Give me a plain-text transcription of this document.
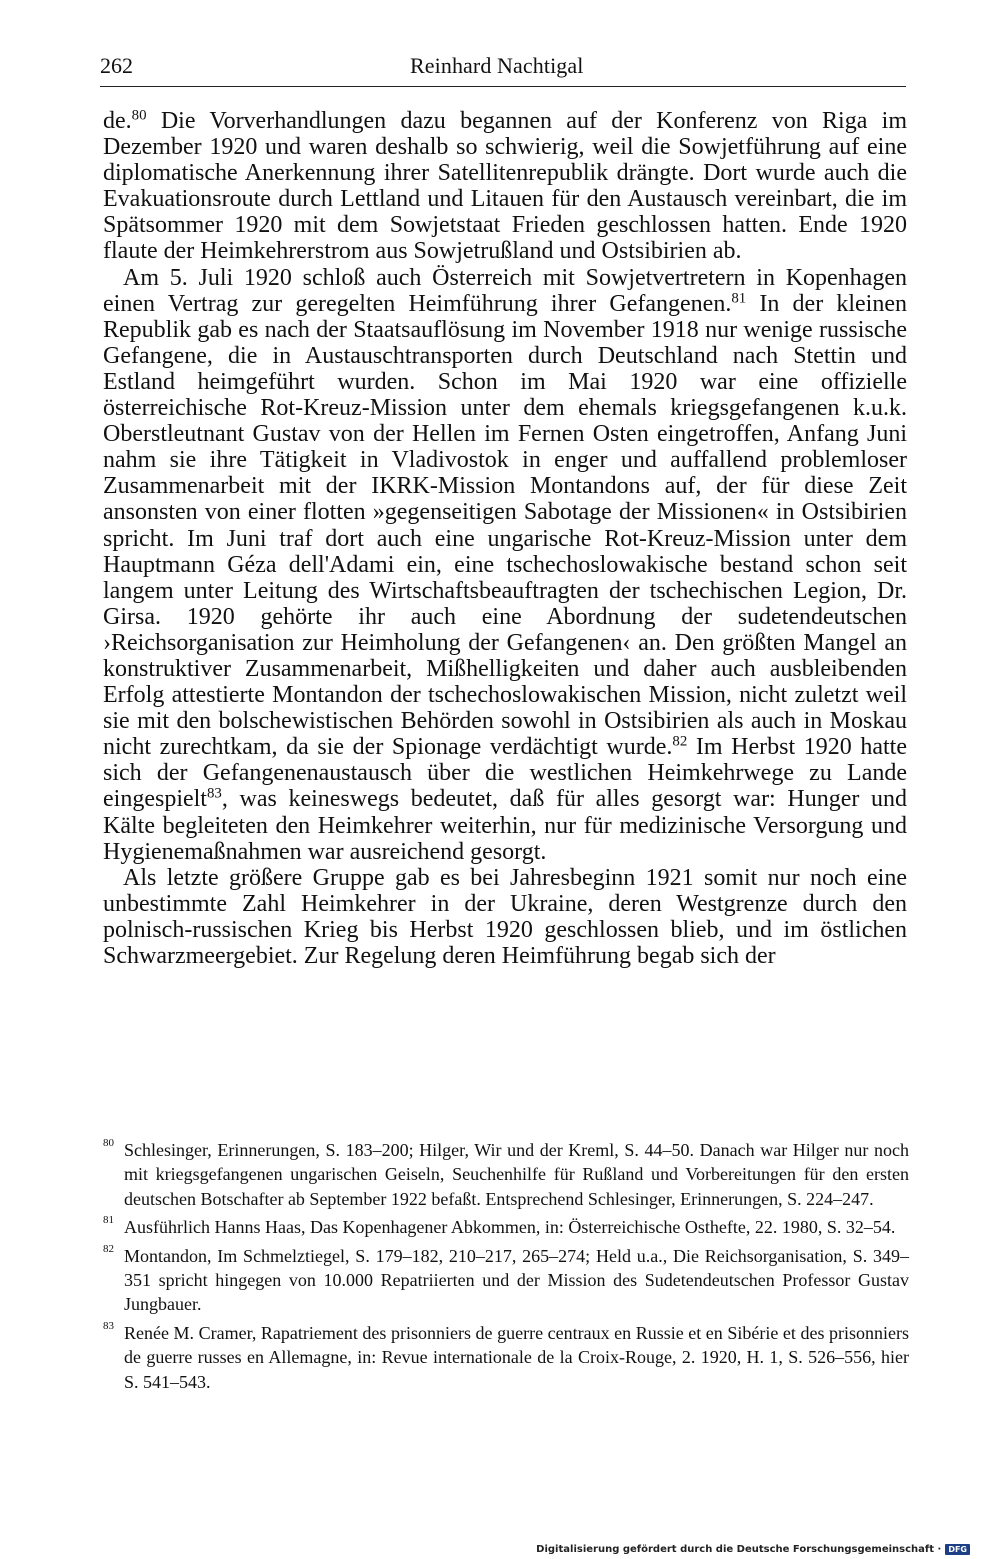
262	Reinhard Nachtigal

de.$^{80}$ Die Vorverhandlungen dazu begannen auf der Konferenz von Riga im Dezember 1920 und waren deshalb so schwierig, weil die Sowjetführung auf eine diplomatische Anerkennung ihrer Satellitenrepublik drängte. Dort wurde auch die Evakuationsroute durch Lettland und Litauen für den Austausch vereinbart, die im Spätsommer 1920 mit dem Sowjetstaat Frieden geschlossen hatten. Ende 1920 flaute der Heimkehrerstrom aus Sowjetrußland und Ostsibirien ab.

Am 5. Juli 1920 schloß auch Österreich mit Sowjetvertretern in Kopenhagen einen Vertrag zur geregelten Heimführung ihrer Gefangenen.$^{81}$ In der kleinen Republik gab es nach der Staatsauflösung im November 1918 nur wenige russische Gefangene, die in Austauschtransporten durch Deutschland nach Stettin und Estland heimgeführt wurden. Schon im Mai 1920 war eine offizielle österreichische Rot-Kreuz-Mission unter dem ehemals kriegsgefangenen k.u.k. Oberstleutnant Gustav von der Hellen im Fernen Osten eingetroffen, Anfang Juni nahm sie ihre Tätigkeit in Vladivostok in enger und auffallend problemloser Zusammenarbeit mit der IKRK-Mission Montandons auf, der für diese Zeit ansonsten von einer flotten »gegenseitigen Sabotage der Missionen« in Ostsibirien spricht. Im Juni traf dort auch eine ungarische Rot-Kreuz-Mission unter dem Hauptmann Géza dell'Adami ein, eine tschechoslowakische bestand schon seit langem unter Leitung des Wirtschaftsbeauftragten der tschechischen Legion, Dr. Girsa. 1920 gehörte ihr auch eine Abordnung der sudetendeutschen ›Reichsorganisation zur Heimholung der Gefangenen‹ an. Den größten Mangel an konstruktiver Zusammenarbeit, Mißhelligkeiten und daher auch ausbleibenden Erfolg attestierte Montandon der tschechoslowakischen Mission, nicht zuletzt weil sie mit den bolschewistischen Behörden sowohl in Ostsibirien als auch in Moskau nicht zurechtkam, da sie der Spionage verdächtigt wurde.$^{82}$ Im Herbst 1920 hatte sich der Gefangenenaustausch über die westlichen Heimkehrwege zu Lande eingespielt$^{83}$, was keineswegs bedeutet, daß für alles gesorgt war: Hunger und Kälte begleiteten den Heimkehrer weiterhin, nur für medizinische Versorgung und Hygienemaßnahmen war ausreichend gesorgt.

Als letzte größere Gruppe gab es bei Jahresbeginn 1921 somit nur noch eine unbestimmte Zahl Heimkehrer in der Ukraine, deren Westgrenze durch den polnisch-russischen Krieg bis Herbst 1920 geschlossen blieb, und im östlichen Schwarzmeergebiet. Zur Regelung deren Heimführung begab sich der

80 Schlesinger, Erinnerungen, S. 183–200; Hilger, Wir und der Kreml, S. 44–50. Danach war Hilger nur noch mit kriegsgefangenen ungarischen Geiseln, Seuchenhilfe für Rußland und Vorbereitungen für den ersten deutschen Botschafter ab September 1922 befaßt. Entsprechend Schlesinger, Erinnerungen, S. 224–247.
81 Ausführlich Hanns Haas, Das Kopenhagener Abkommen, in: Österreichische Osthefte, 22. 1980, S. 32–54.
82 Montandon, Im Schmelztiegel, S. 179–182, 210–217, 265–274; Held u.a., Die Reichsorganisation, S. 349–351 spricht hingegen von 10.000 Repatriierten und der Mission des Sudetendeutschen Professor Gustav Jungbauer.
83 Renée M. Cramer, Rapatriement des prisonniers de guerre centraux en Russie et en Sibérie et des prisonniers de guerre russes en Allemagne, in: Revue internationale de la Croix-Rouge, 2. 1920, H. 1, S. 526–556, hier S. 541–543.
Digitalisierung gefördert durch die Deutsche Forschungsgemeinschaft · DFG
